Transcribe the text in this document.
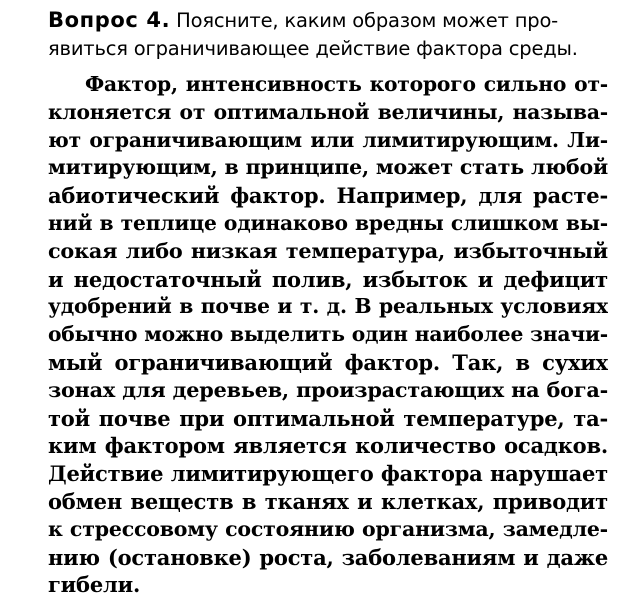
Вопрос 4. Поясните, каким образом может про-
явиться ограничивающее действие фактора среды.
Фактор, интенсивность которого сильно от-
клоняется от оптимальной величины, называ-
ют ограничивающим или лимитирующим. Ли-
митирующим, в принципе, может стать любой
абиотический фактор. Например, для расте-
ний в теплице одинаково вредны слишком вы-
сокая либо низкая температура, избыточный
и недостаточный полив, избыток и дефицит
удобрений в почве и т. д. В реальных условиях
обычно можно выделить один наиболее значи-
мый ограничивающий фактор. Так, в сухих
зонах для деревьев, произрастающих на бога-
той почве при оптимальной температуре, та-
ким фактором является количество осадков.
Действие лимитирующего фактора нарушает
обмен веществ в тканях и клетках, приводит
к стрессовому состоянию организма, замедле-
нию (остановке) роста, заболеваниям и даже
гибели.
